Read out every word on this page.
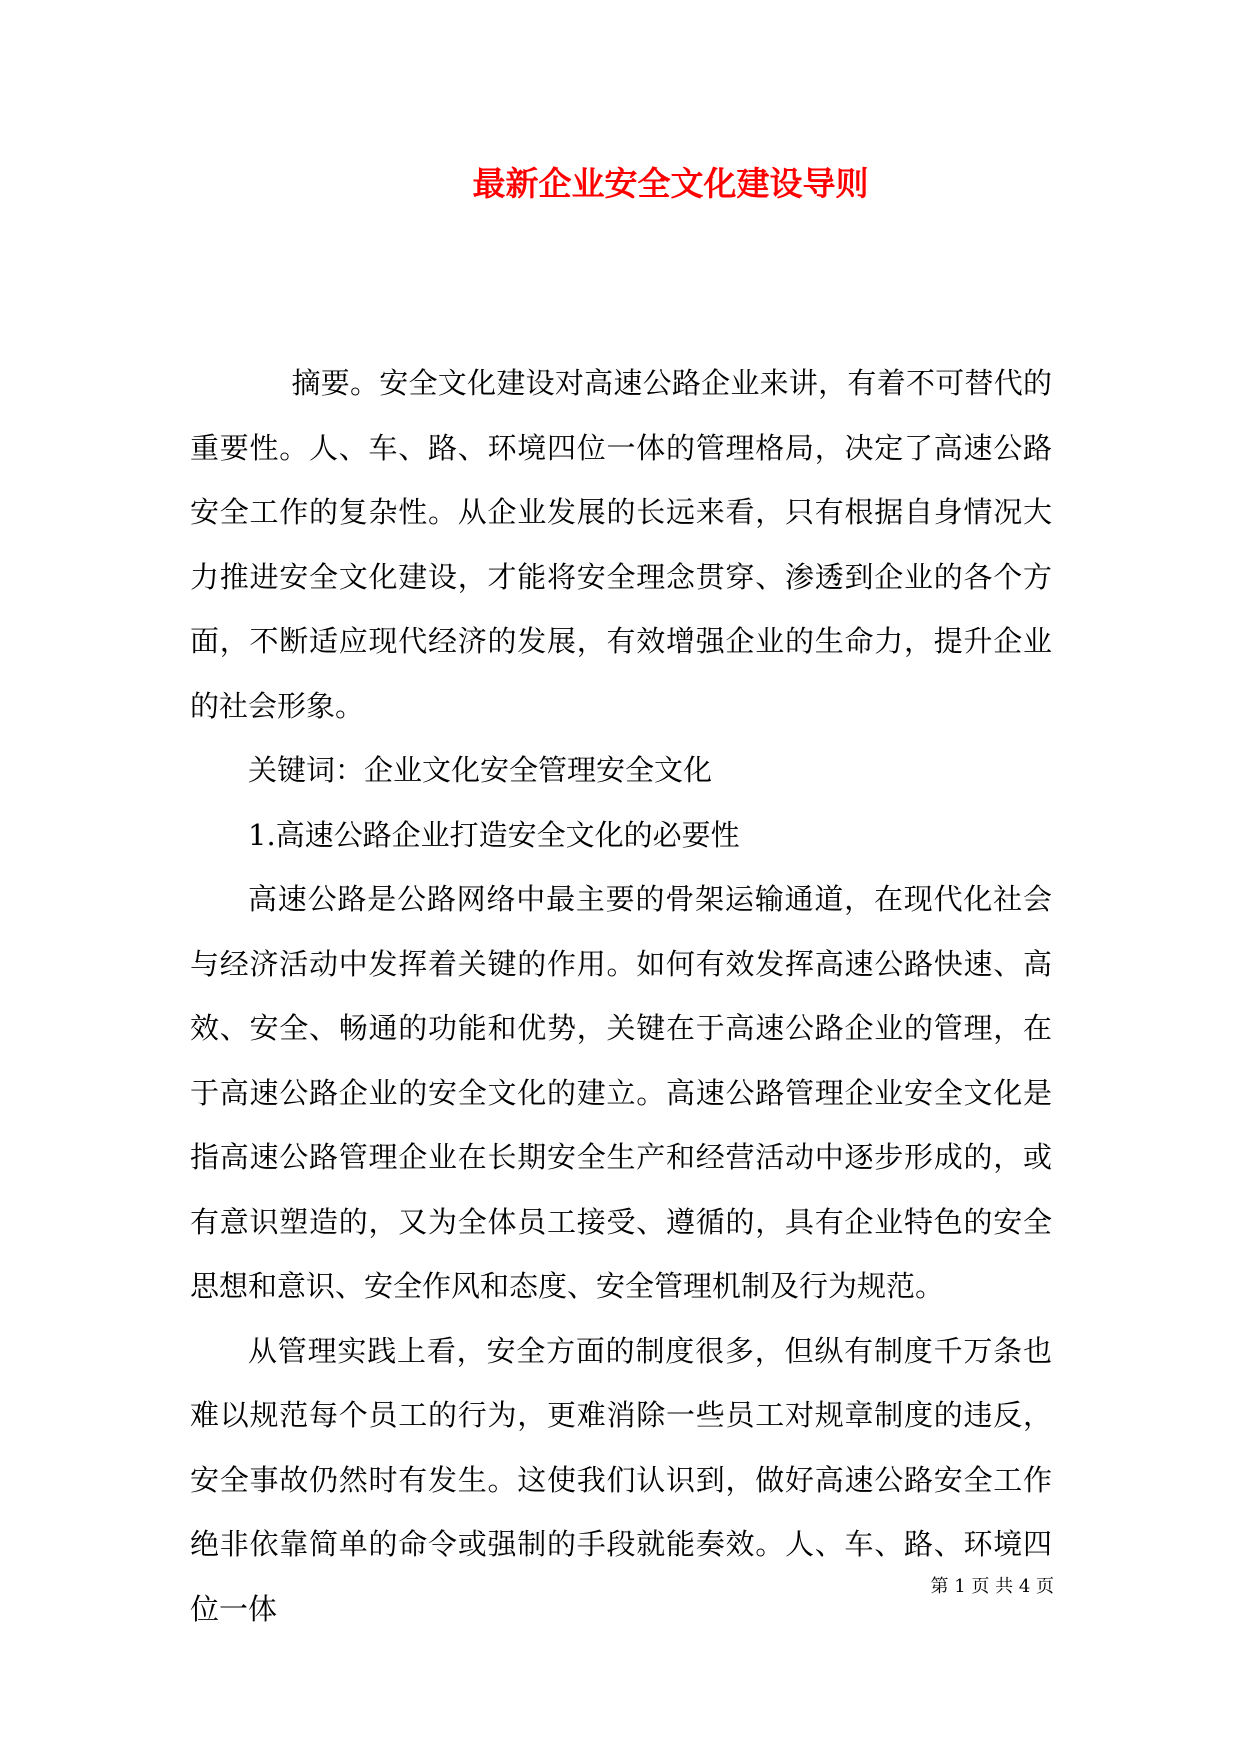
最新企业安全文化建设导则

摘要。安全文化建设对高速公路企业来讲，有着不可替代的重要性。人、车、路、环境四位一体的管理格局，决定了高速公路安全工作的复杂性。从企业发展的长远来看，只有根据自身情况大力推进安全文化建设，才能将安全理念贯穿、渗透到企业的各个方面，不断适应现代经济的发展，有效增强企业的生命力，提升企业的社会形象。

关键词：企业文化安全管理安全文化

1.高速公路企业打造安全文化的必要性

高速公路是公路网络中最主要的骨架运输通道，在现代化社会与经济活动中发挥着关键的作用。如何有效发挥高速公路快速、高效、安全、畅通的功能和优势，关键在于高速公路企业的管理，在于高速公路企业的安全文化的建立。高速公路管理企业安全文化是指高速公路管理企业在长期安全生产和经营活动中逐步形成的，或有意识塑造的，又为全体员工接受、遵循的，具有企业特色的安全思想和意识、安全作风和态度、安全管理机制及行为规范。

从管理实践上看，安全方面的制度很多，但纵有制度千万条也难以规范每个员工的行为，更难消除一些员工对规章制度的违反，安全事故仍然时有发生。这使我们认识到，做好高速公路安全工作绝非依靠简单的命令或强制的手段就能奏效。人、车、路、环境四位一体

第 1 页 共 4 页
